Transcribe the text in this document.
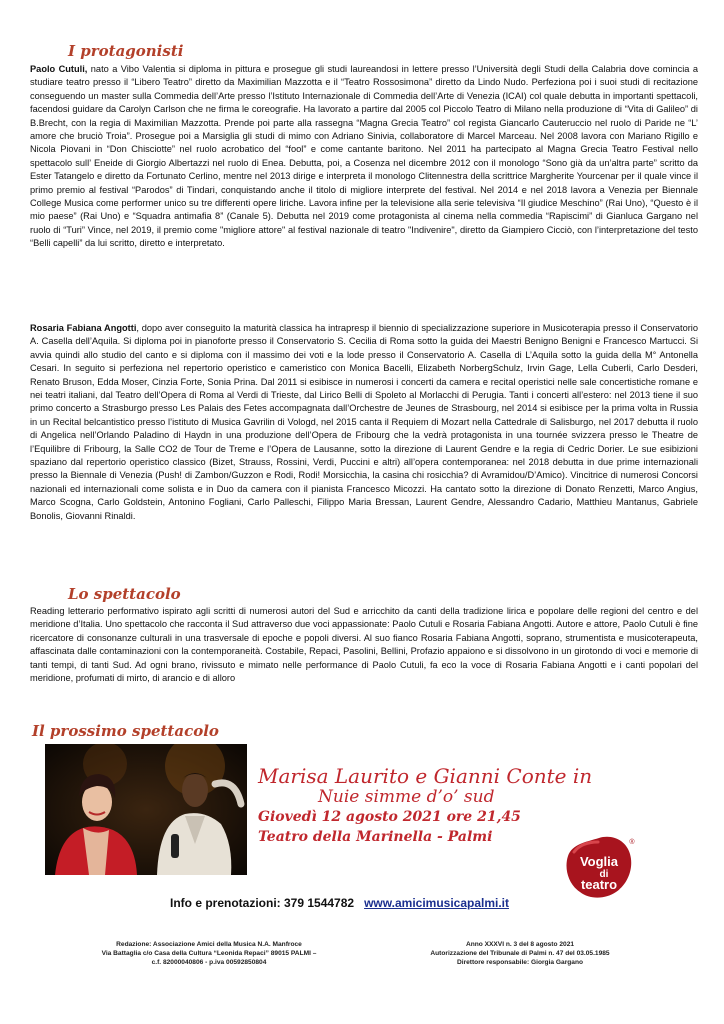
I protagonisti

Paolo Cutuli, nato a Vibo Valentia si diploma in pittura e prosegue gli studi laureandosi in lettere presso l’Università degli Studi della Calabria dove comincia a studiare teatro presso il “Libero Teatro” diretto da Maximilian Mazzotta e il “Teatro Rossosimona” diretto da Lindo Nudo. Perfeziona poi i suoi studi di recitazione conseguendo un master sulla Commedia dell’Arte presso l’Istituto Internazionale di Commedia dell’Arte di Venezia (ICAI) col quale debutta in importanti spettacoli, facendosi guidare da Carolyn Carlson che ne firma le coreografie. Ha lavorato a partire dal 2005 col Piccolo Teatro di Milano nella produzione di “Vita di Galileo” di B.Brecht, con la regia di Maximilian Mazzotta. Prende poi parte alla rassegna “Magna Grecia Teatro” col regista Giancarlo Cauteruccio nel ruolo di Paride ne “L’ amore che bruciò Troia”. Prosegue poi a Marsiglia gli studi di mimo con Adriano Sinivia, collaboratore di Marcel Marceau. Nel 2008 lavora con Mariano Rigillo e Nicola Piovani in “Don Chisciotte” nel ruolo acrobatico del “fool” e come cantante baritono. Nel 2011 ha partecipato al Magna Grecia Teatro Festival nello spettacolo sull’ Eneide di Giorgio Albertazzi nel ruolo di Enea. Debutta, poi, a Cosenza nel dicembre 2012 con il monologo “Sono già da un’altra parte” scritto da Ester Tatangelo e diretto da Fortunato Cerlino, mentre nel 2013 dirige e interpreta il monologo Clitennestra della scrittrice Margherite Yourcenar per il quale vince il primo premio al festival “Parodos” di Tindari, conquistando anche il titolo di migliore interprete del festival. Nel 2014 e nel 2018 lavora a Venezia per Biennale College Musica come performer unico su tre differenti opere liriche. Lavora infine per la televisione alla serie televisiva “Il giudice Meschino” (Rai Uno), “Questo è il mio paese” (Rai Uno) e “Squadra antimafia 8” (Canale 5). Debutta nel 2019 come protagonista al cinema nella commedia “Rapiscimi” di Gianluca Gargano nel ruolo di “Turi” Vince, nel 2019, il premio come "migliore attore" al festival nazionale di teatro "Indivenire", diretto da Giampiero Cicciò, con l’interpretazione del testo “Belli capelli” da lui scritto, diretto e interpretato.

Rosaria Fabiana Angotti, dopo aver conseguito la maturità classica ha intrapresp il biennio di specializzazione superiore in Musicoterapia presso il Conservatorio A. Casella dell’Aquila. Si diploma poi in pianoforte presso il Conservatorio S. Cecilia di Roma sotto la guida dei Maestri Benigno Benigni e Francesco Martucci. Si avvia quindi allo studio del canto e si diploma con il massimo dei voti e la lode presso il Conservatorio A. Casella di L’Aquila sotto la guida della M° Antonella Cesari. In seguito si perfeziona nel repertorio operistico e cameristico con Monica Bacelli, Elizabeth NorbergSchulz, Irvin Gage, Lella Cuberli, Carlo Desderi, Renato Bruson, Edda Moser, Cinzia Forte, Sonia Prina. Dal 2011 si esibisce in numerosi i concerti da camera e recital operistici nelle sale concertistiche romane e nei teatri italiani, dal Teatro dell’Opera di Roma al Verdi di Trieste, dal Lirico Belli di Spoleto al Morlacchi di Perugia. Tanti i concerti all’estero: nel 2013 tiene il suo primo concerto a Strasburgo presso Les Palais des Fetes accompagnata dall’Orchestre de Jeunes de Strasbourg, nel 2014 si esibisce per la prima volta in Russia in un Recital belcantistico presso l’istituto di Musica Gavrilin di Vologd, nel 2015 canta il Requiem di Mozart nella Cattedrale di Salisburgo, nel 2017 debutta il ruolo di Angelica nell’Orlando Paladino di Haydn in una produzione dell’Opera de Fribourg che la vedrà protagonista in una tournée svizzera presso le Theatre de l’Equilibre di Fribourg, la Salle CO2 de Tour de Treme e l’Opera de Lausanne, sotto la direzione di Laurent Gendre e la regia di Cedric Dorier. Le sue esibizioni spaziano dal repertorio operistico classico (Bizet, Strauss, Rossini, Verdi, Puccini e altri) all’opera contemporanea: nel 2018 debutta in due prime internazionali presso la Biennale di Venezia (Push! di Zambon/Guzzon e Rodi, Rodi! Morsicchia, la casina chi rosicchia? di Avramidou/D’Amico). Vincitrice di numerosi Concorsi nazionali ed internazionali come solista e in Duo da camera con il pianista Francesco Micozzi. Ha cantato sotto la direzione di Donato Renzetti, Marco Angius, Marco Scogna, Carlo Goldstein, Antonino Fogliani, Carlo Palleschi, Filippo Maria Bressan, Laurent Gendre, Alessandro Cadario, Matthieu Mantanus, Gabriele Bonolis, Giovanni Rinaldi.

Lo spettacolo

Reading letterario performativo ispirato agli scritti di numerosi autori del Sud e arricchito da canti della tradizione lirica e popolare delle regioni del centro e del meridione d’Italia. Uno spettacolo che racconta il Sud attraverso due voci appassionate: Paolo Cutuli e Rosaria Fabiana Angotti. Autore e attore, Paolo Cutuli è fine ricercatore di consonanze culturali in una trasversale di epoche e popoli diversi. Al suo fianco Rosaria Fabiana Angotti, soprano, strumentista e musicoterapeuta, affascinata dalle contaminazioni con la contemporaneità. Costabile, Repaci, Pasolini, Bellini, Profazio appaiono e si dissolvono in un girotondo di voci e memorie di tanti tempi, di tanti Sud. Ad ogni brano, rivissuto e mimato nelle performance di Paolo Cutuli, fa eco la voce di Rosaria Fabiana Angotti e i canti popolari del meridione, profumati di mirto, di arancio e di alloro

Il prossimo spettacolo
Marisa Laurito e Gianni Conte in
Nuie simme d’o’ sud
Giovedì 12 agosto 2021 ore 21,45
Teatro della Marinella - Palmi
Voglia
di
teatro
®
Info e prenotazioni: 379 1544782 www.amicimusicapalmi.it
Redazione: Associazione Amici della Musica N.A. Manfroce
Via Battaglia c/o Casa della Cultura “Leonida Repaci” 89015 PALMI –
c.f. 82000040806 - p.iva 00592850804
Anno XXXVI n. 3 del 8 agosto 2021
Autorizzazione del Tribunale di Palmi n. 47 del 03.05.1985
Direttore responsabile: Giorgia Gargano
